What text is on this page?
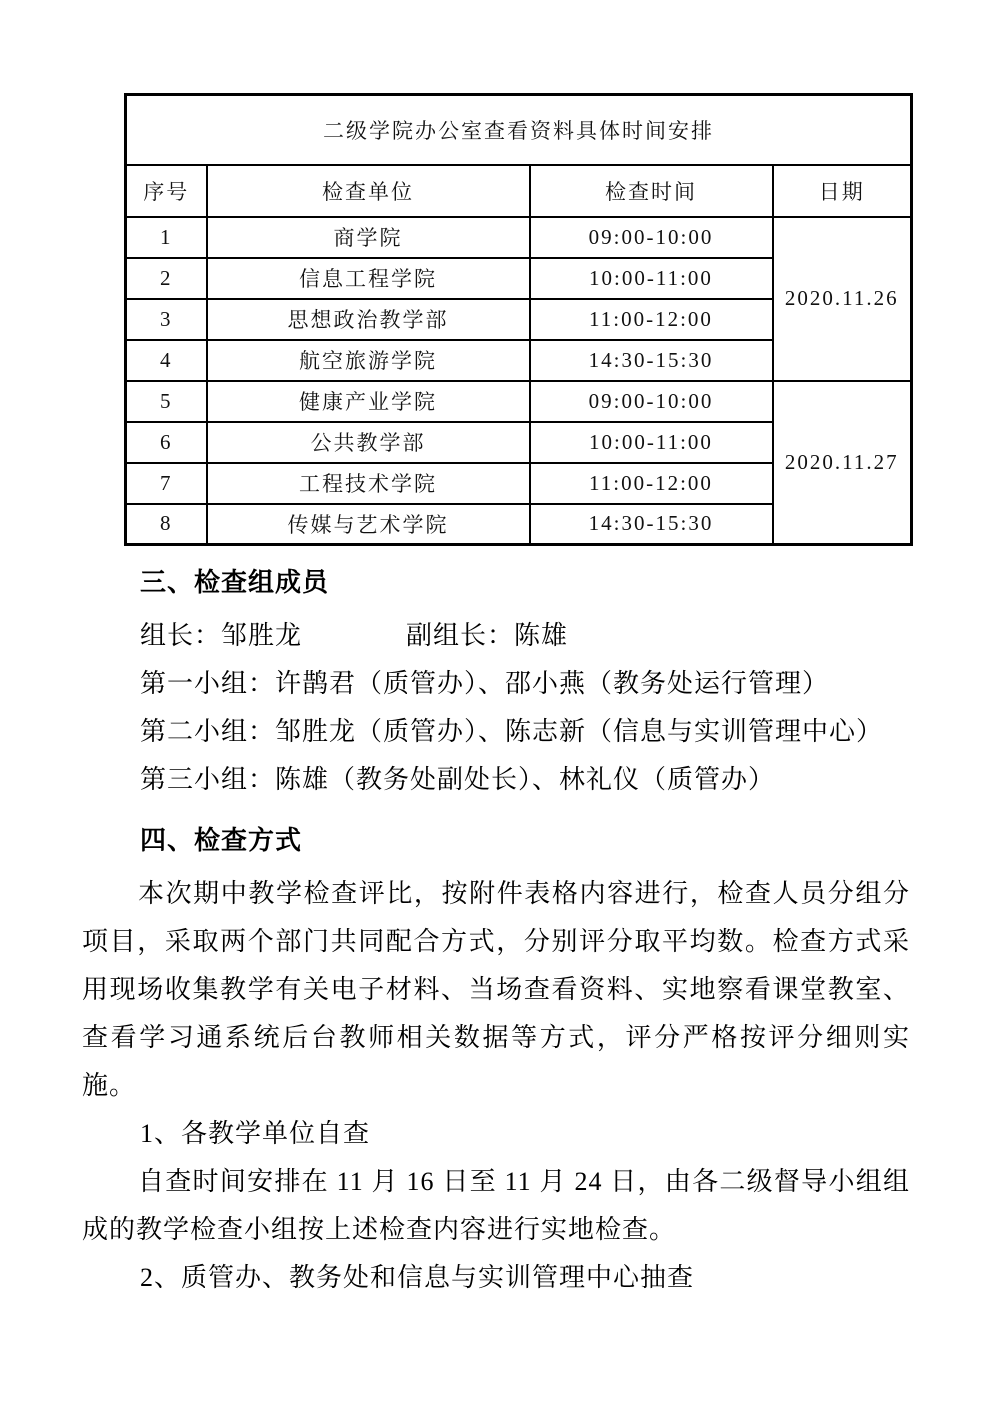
二级学院办公室查看资料具体时间安排			
序号	检查单位	检查时间	日期
1	商学院	09:00-10:00	2020.11.26
2	信息工程学院	10:00-11:00	
3	思想政治教学部	11:00-12:00	
4	航空旅游学院	14:30-15:30	
5	健康产业学院	09:00-10:00	2020.11.27
6	公共教学部	10:00-11:00	
7	工程技术学院	11:00-12:00	
8	传媒与艺术学院	14:30-15:30	
三、检查组成员
组长：邹胜龙	副组长：陈雄
第一小组：许鹊君（质管办）、邵小燕（教务处运行管理）
第二小组：邹胜龙（质管办）、陈志新（信息与实训管理中心）
第三小组：陈雄（教务处副处长）、林礼仪（质管办）
四、检查方式

本次期中教学检查评比，按附件表格内容进行，检查人员分组分项目，采取两个部门共同配合方式，分别评分取平均数。检查方式采用现场收集教学有关电子材料、当场查看资料、实地察看课堂教室、查看学习通系统后台教师相关数据等方式，评分严格按评分细则实施。

1、各教学单位自查

自查时间安排在 11 月 16 日至 11 月 24 日，由各二级督导小组组成的教学检查小组按上述检查内容进行实地检查。

2、质管办、教务处和信息与实训管理中心抽查
